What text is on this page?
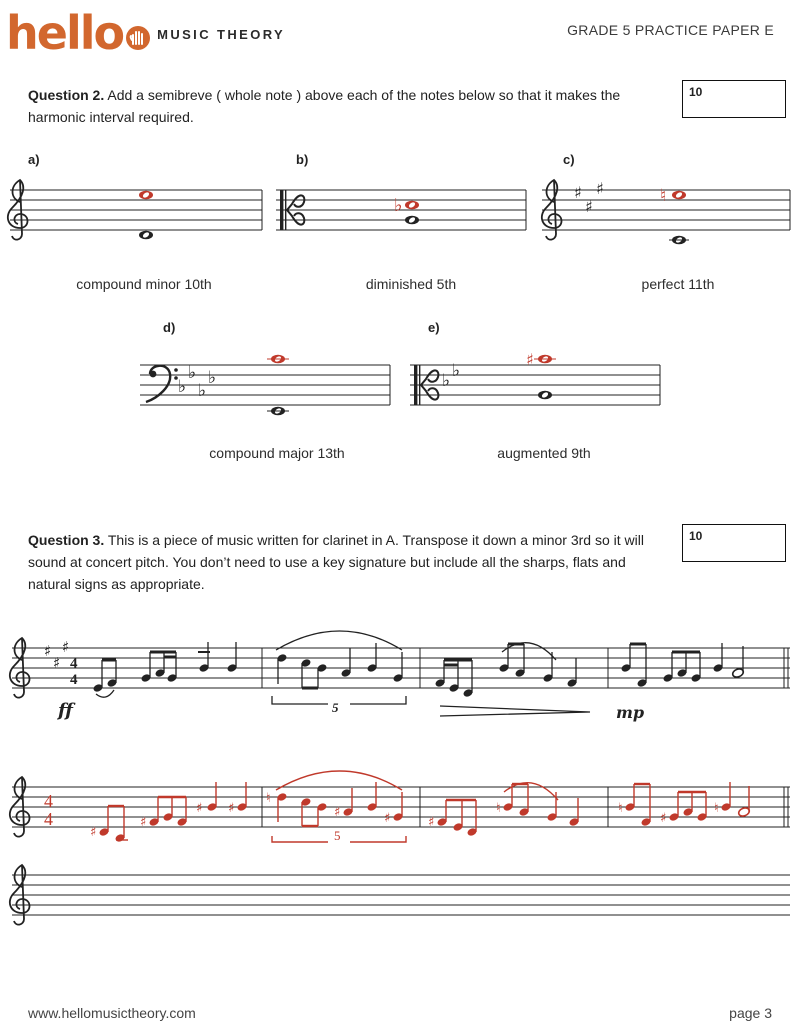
hello	MUSIC THEORY	GRADE 5 PRACTICE PAPER E
Question 2. Add a semibreve ( whole note ) above each of the notes below so that it makes the harmonic interval required.
10
a)	b)	c)
d)	e)
compound minor 10th	diminished 5th	perfect 11th
compound major 13th	augmented 9th
Question 3. This is a piece of music written for clarinet in A. Transpose it down a minor 3rd so it will sound at concert pitch. You don’t need to use a key signature but include all the sharps, flats and natural signs as appropriate.
10
www.hellomusictheory.com	page 3
♭
♯
♯
♯	♮
♭
♭
♭
♭	♭ ♭
♯
♯
♯
♯
4
4
ff	mp
5
4
4
♯
♯
♯ ♯
♮
♯	♯	♯
♮	♮
♯
♮
5
